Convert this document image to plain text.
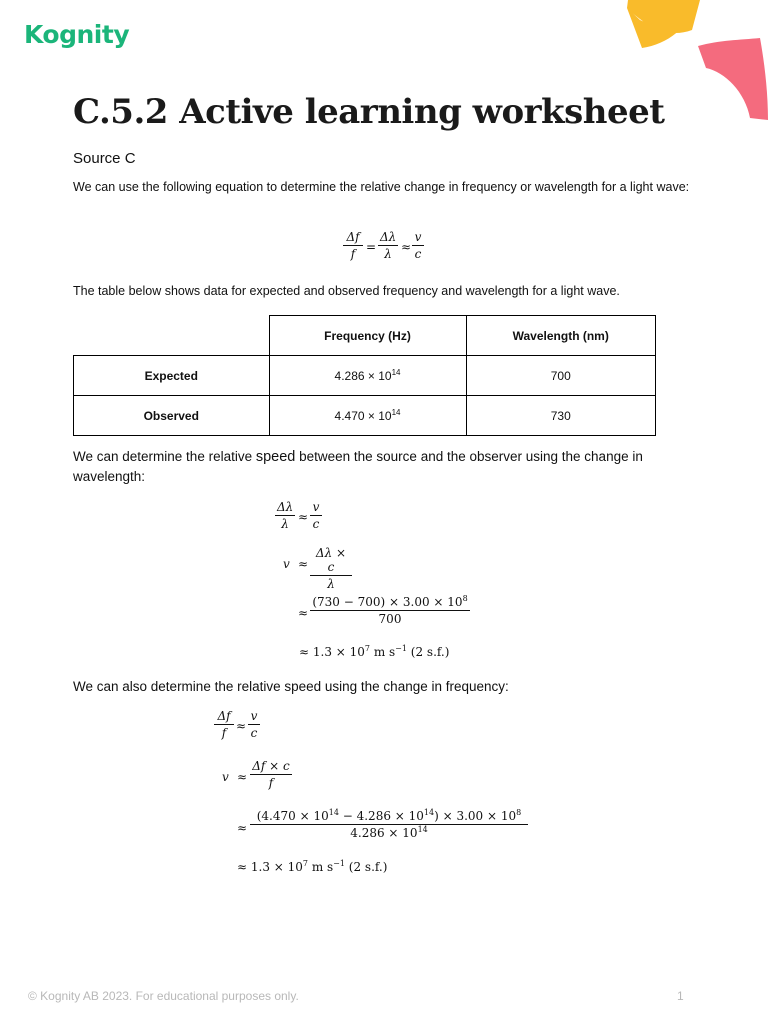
Kognity
C.5.2 Active learning worksheet
Source C
We can use the following equation to determine the relative change in frequency or wavelength for a light wave:
$\frac{\Delta f}{f} = \frac{\Delta\lambda}{\lambda} \approx \frac{v}{c}$
The table below shows data for expected and observed frequency and wavelength for a light wave.
	Frequency (Hz)	Wavelength (nm)
Expected	$4.286 \times 10^{14}$	700
Observed	$4.470 \times 10^{14}$	730
We can determine the relative speed between the source and the observer using the change in wavelength:
$\frac{\Delta\lambda}{\lambda} \approx \frac{v}{c}$
$v \approx \frac{\Delta\lambda \times c}{\lambda}$
≈ $\frac{(730 - 700) \times 3.00 \times 10^8}{700}$
≈ $1.3 \times 10^7$ m $s^{-1}$ (2 s.f.)
We can also determine the relative speed using the change in frequency:
$\frac{\Delta f}{f} \approx \frac{v}{c}$
$v \approx \frac{\Delta f \times c}{f}$
≈ $\frac{(4.470 \times 10^{14} - 4.286 \times 10^{14}) \times 3.00 \times 10^8}{4.286 \times 10^{14}}$
≈ $1.3 \times 10^7$ m $s^{-1}$ (2 s.f.)
© Kognity AB 2023. For educational purposes only.	1
